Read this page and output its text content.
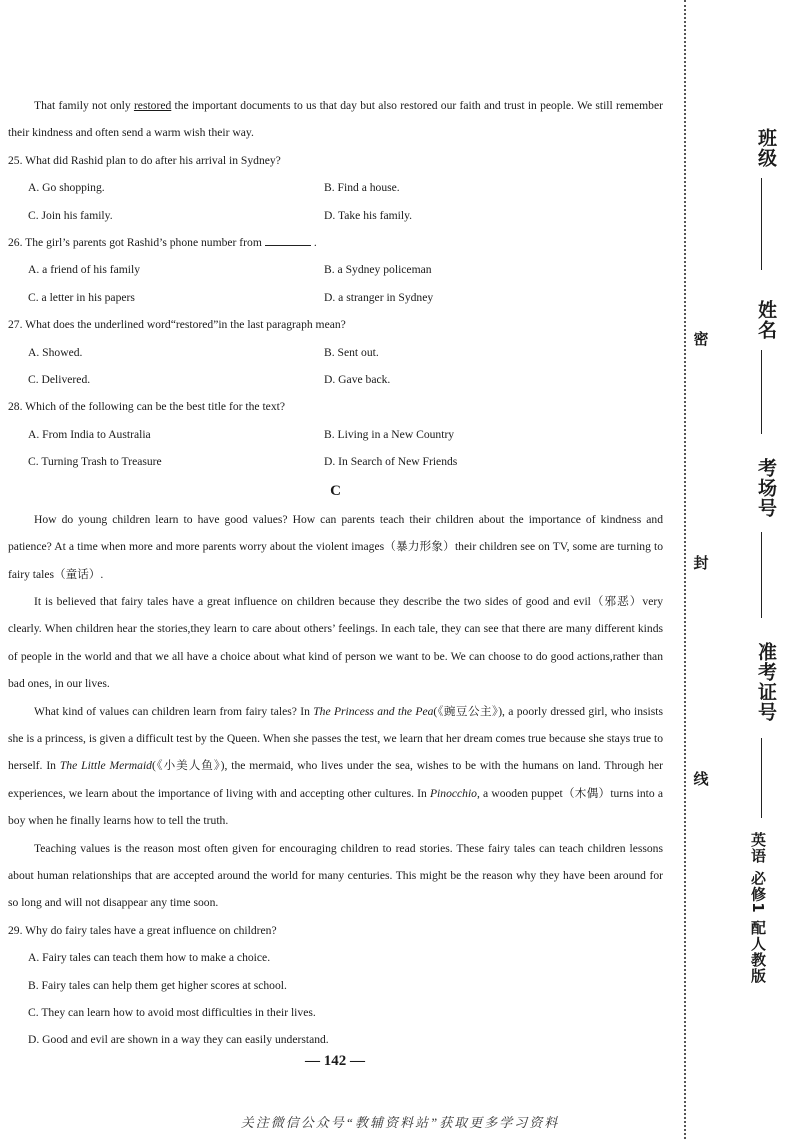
That family not only restored the important documents to us that day but also restored our faith and trust in people. We still remember their kindness and often send a warm wish their way.

25. What did Rashid plan to do after his arrival in Sydney?
A. Go shopping.	B. Find a house.
C. Join his family.	D. Take his family.
26. The girl’s parents got Rashid’s phone number from	.
A. a friend of his family	B. a Sydney policeman
C. a letter in his papers	D. a stranger in Sydney
27. What does the underlined word“restored”in the last paragraph mean?
A. Showed.	B. Sent out.
C. Delivered.	D. Gave back.
28. Which of the following can be the best title for the text?
A. From India to Australia	B. Living in a New Country
C. Turning Trash to Treasure	D. In Search of New Friends
C

How do young children learn to have good values? How can parents teach their children about the importance of kindness and patience? At a time when more and more parents worry about the violent images（暴力形象）their children see on TV, some are turning to fairy tales（童话）.

It is believed that fairy tales have a great influence on children because they describe the two sides of good and evil（邪恶）very clearly. When children hear the stories,they learn to care about others’ feelings. In each tale, they can see that there are many different kinds of people in the world and that we all have a choice about what kind of person we want to be. We can choose to do good actions,rather than bad ones, in our lives.

What kind of values can children learn from fairy tales? In The Princess and the Pea(《豌豆公主》), a poorly dressed girl, who insists she is a princess, is given a difficult test by the Queen. When she passes the test, we learn that her dream comes true because she stays true to herself. In The Little Mermaid(《小美人鱼》), the mermaid, who lives under the sea, wishes to be with the humans on land. Through her experiences, we learn about the importance of living with and accepting other cultures. In Pinocchio, a wooden puppet（木偶）turns into a boy when he finally learns how to tell the truth.

Teaching values is the reason most often given for encouraging children to read stories. These fairy tales can teach children lessons about human relationships that are accepted around the world for many centuries. This might be the reason why they have been around for so long and will not disappear any time soon.

29. Why do fairy tales have a great influence on children?
A. Fairy tales can teach them how to make a choice.
B. Fairy tales can help them get higher scores at school.
C. They can learn how to avoid most difficulties in their lives.
D. Good and evil are shown in a way they can easily understand.
— 142 —
关注微信公众号“教辅资料站”获取更多学习资料
班级
姓名
考场号
准考证号
密
封
线
英语 必修1 配人教版
